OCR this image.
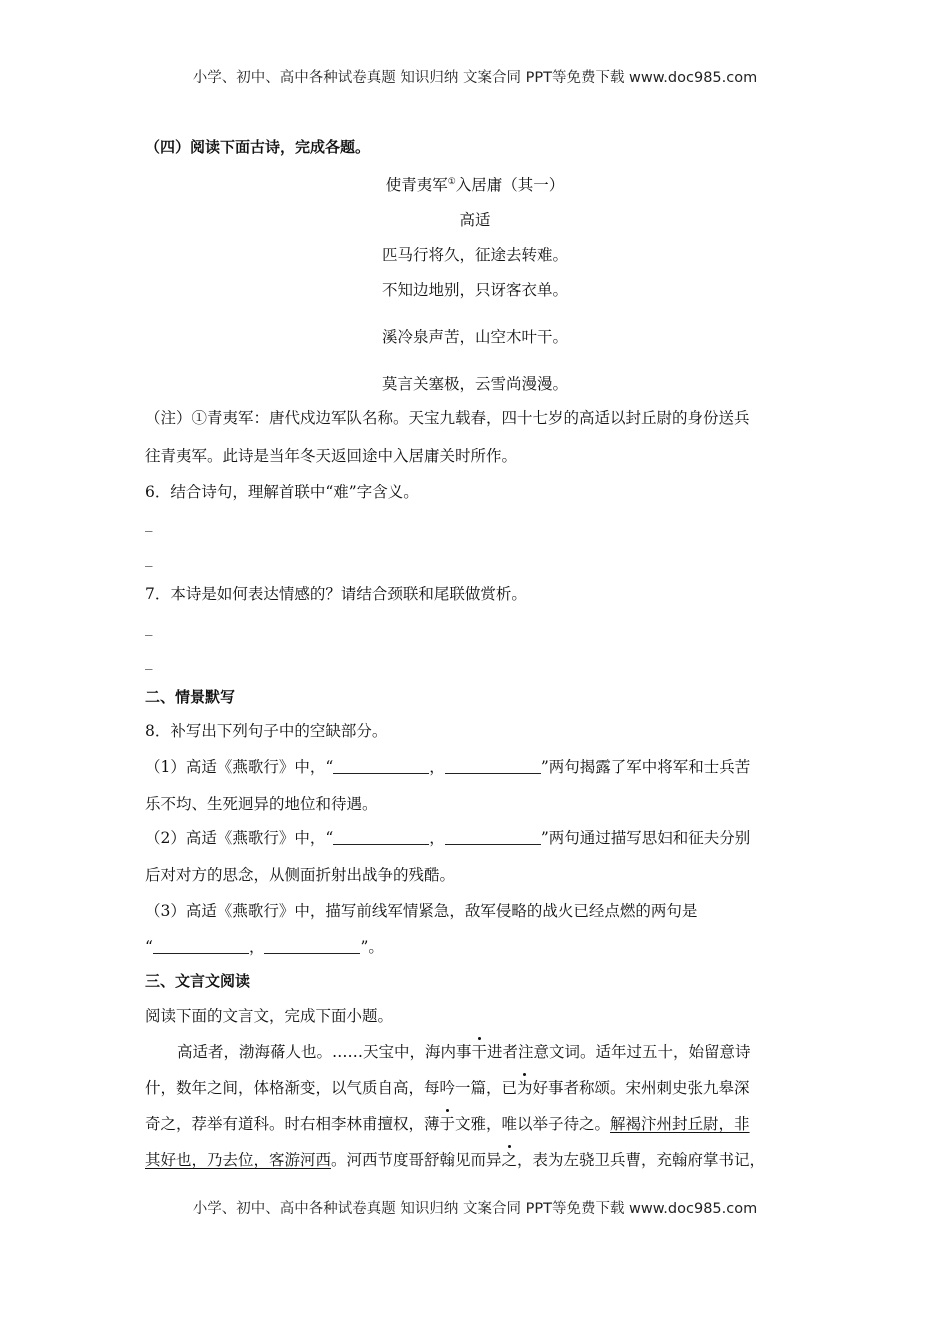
小学、初中、高中各种试卷真题 知识归纳 文案合同 PPT等免费下载 www.doc985.com
（四）阅读下面古诗，完成各题。
使青夷军①入居庸（其一）
高适
匹马行将久，征途去转难。
不知边地别，只讶客衣单。
溪冷泉声苦，山空木叶干。
莫言关塞极，云雪尚漫漫。
（注）①青夷军：唐代戍边军队名称。天宝九载春，四十七岁的高适以封丘尉的身份送兵
往青夷军。此诗是当年冬天返回途中入居庸关时所作。
6．结合诗句，理解首联中“难”字含义。
_
_
7．本诗是如何表达情感的？请结合颈联和尾联做赏析。
_
_
二、情景默写
8．补写出下列句子中的空缺部分。
（1）高适《燕歌行》中，“	，	”两句揭露了军中将军和士兵苦
乐不均、生死迥异的地位和待遇。
（2）高适《燕歌行》中，“	，	”两句通过描写思妇和征夫分别
后对对方的思念，从侧面折射出战争的残酷。
（3）高适《燕歌行》中，描写前线军情紧急，敌军侵略的战火已经点燃的两句是
“	，	”。
三、文言文阅读
阅读下面的文言文，完成下面小题。
高适者，渤海蓨人也。……天宝中，海内事干进者注意文词。适年过五十，始留意诗
什，数年之间，体格渐变，以气质自高，每吟一篇，已为好事者称颂。宋州刺史张九皋深
奇之，荐举有道科。时右相李林甫擅权，薄于文雅，唯以举子待之。解褐汴州封丘尉，非
其好也，乃去位，客游河西。河西节度哥舒翰见而异之，表为左骁卫兵曹，充翰府掌书记，
小学、初中、高中各种试卷真题 知识归纳 文案合同 PPT等免费下载 www.doc985.com
